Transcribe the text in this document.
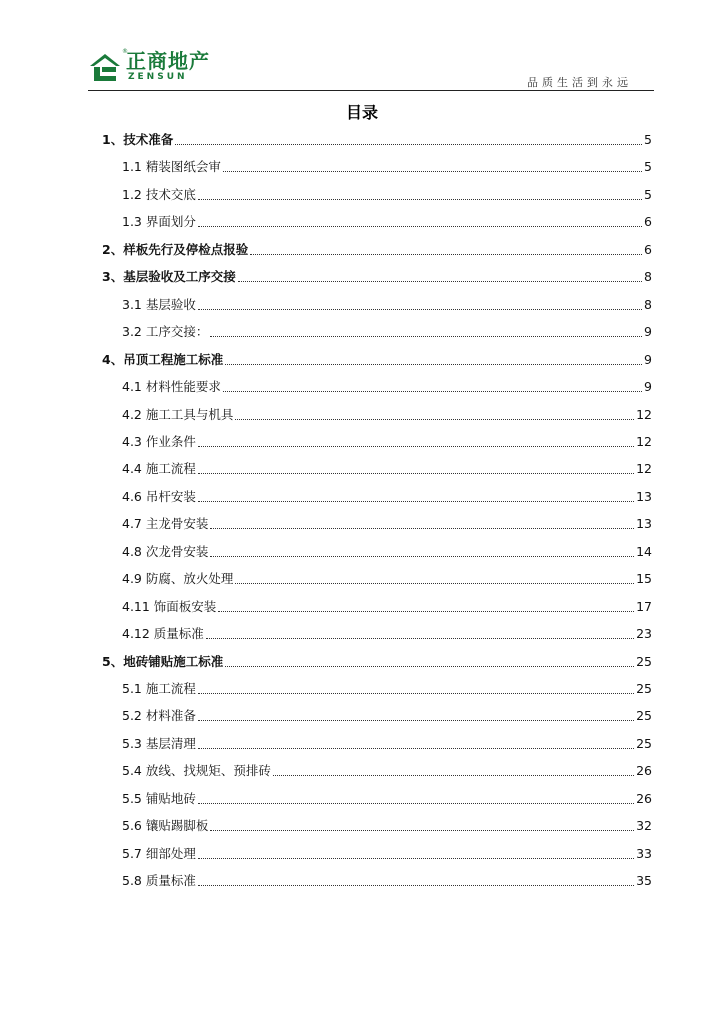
®
正商地产
ZENSUN	品质生活到永远
目录
1、技术准备	5
1.1 精装图纸会审	5
1.2 技术交底	5
1.3 界面划分	6
2、样板先行及停检点报验	6
3、基层验收及工序交接	8
3.1 基层验收	8
3.2 工序交接：	9
4、吊顶工程施工标准	9
4.1 材料性能要求	9
4.2 施工工具与机具	12
4.3 作业条件	12
4.4 施工流程	12
4.6 吊杆安装	13
4.7 主龙骨安装	13
4.8 次龙骨安装	14
4.9 防腐、放火处理	15
4.11 饰面板安装	17
4.12 质量标准	23
5、地砖铺贴施工标准	25
5.1 施工流程	25
5.2 材料准备	25
5.3 基层清理	25
5.4 放线、找规矩、预排砖	26
5.5 铺贴地砖	26
5.6 镶贴踢脚板	32
5.7 细部处理	33
5.8 质量标准	35
